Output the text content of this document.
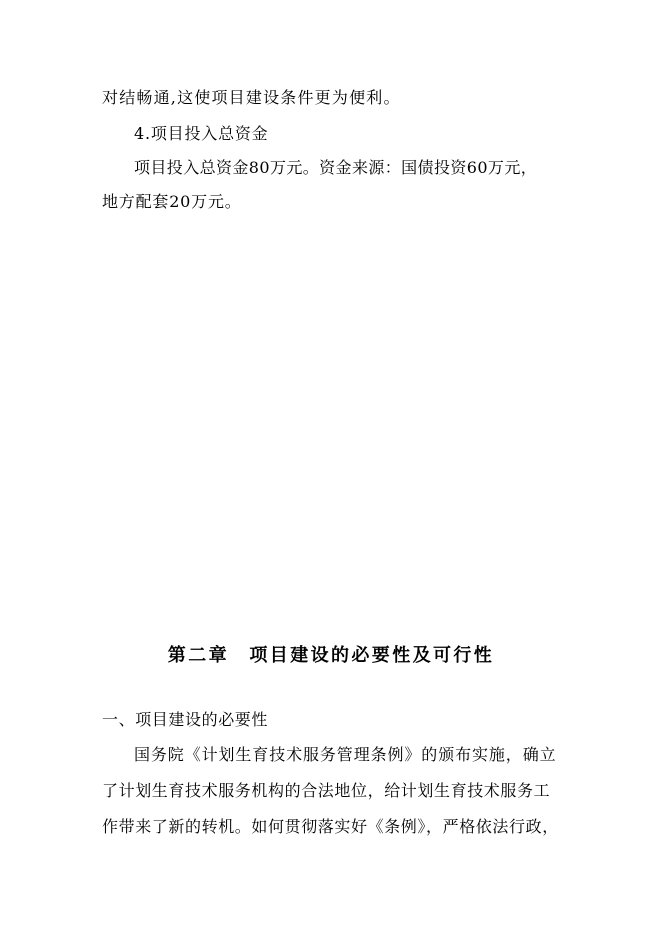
对结畅通,这使项目建设条件更为便利。
4.项目投入总资金
项目投入总资金80万元。资金来源：国债投资60万元，
地方配套20万元。
第二章　项目建设的必要性及可行性
一、项目建设的必要性
国务院《计划生育技术服务管理条例》的颁布实施，确立
了计划生育技术服务机构的合法地位，给计划生育技术服务工
作带来了新的转机。如何贯彻落实好《条例》，严格依法行政，
